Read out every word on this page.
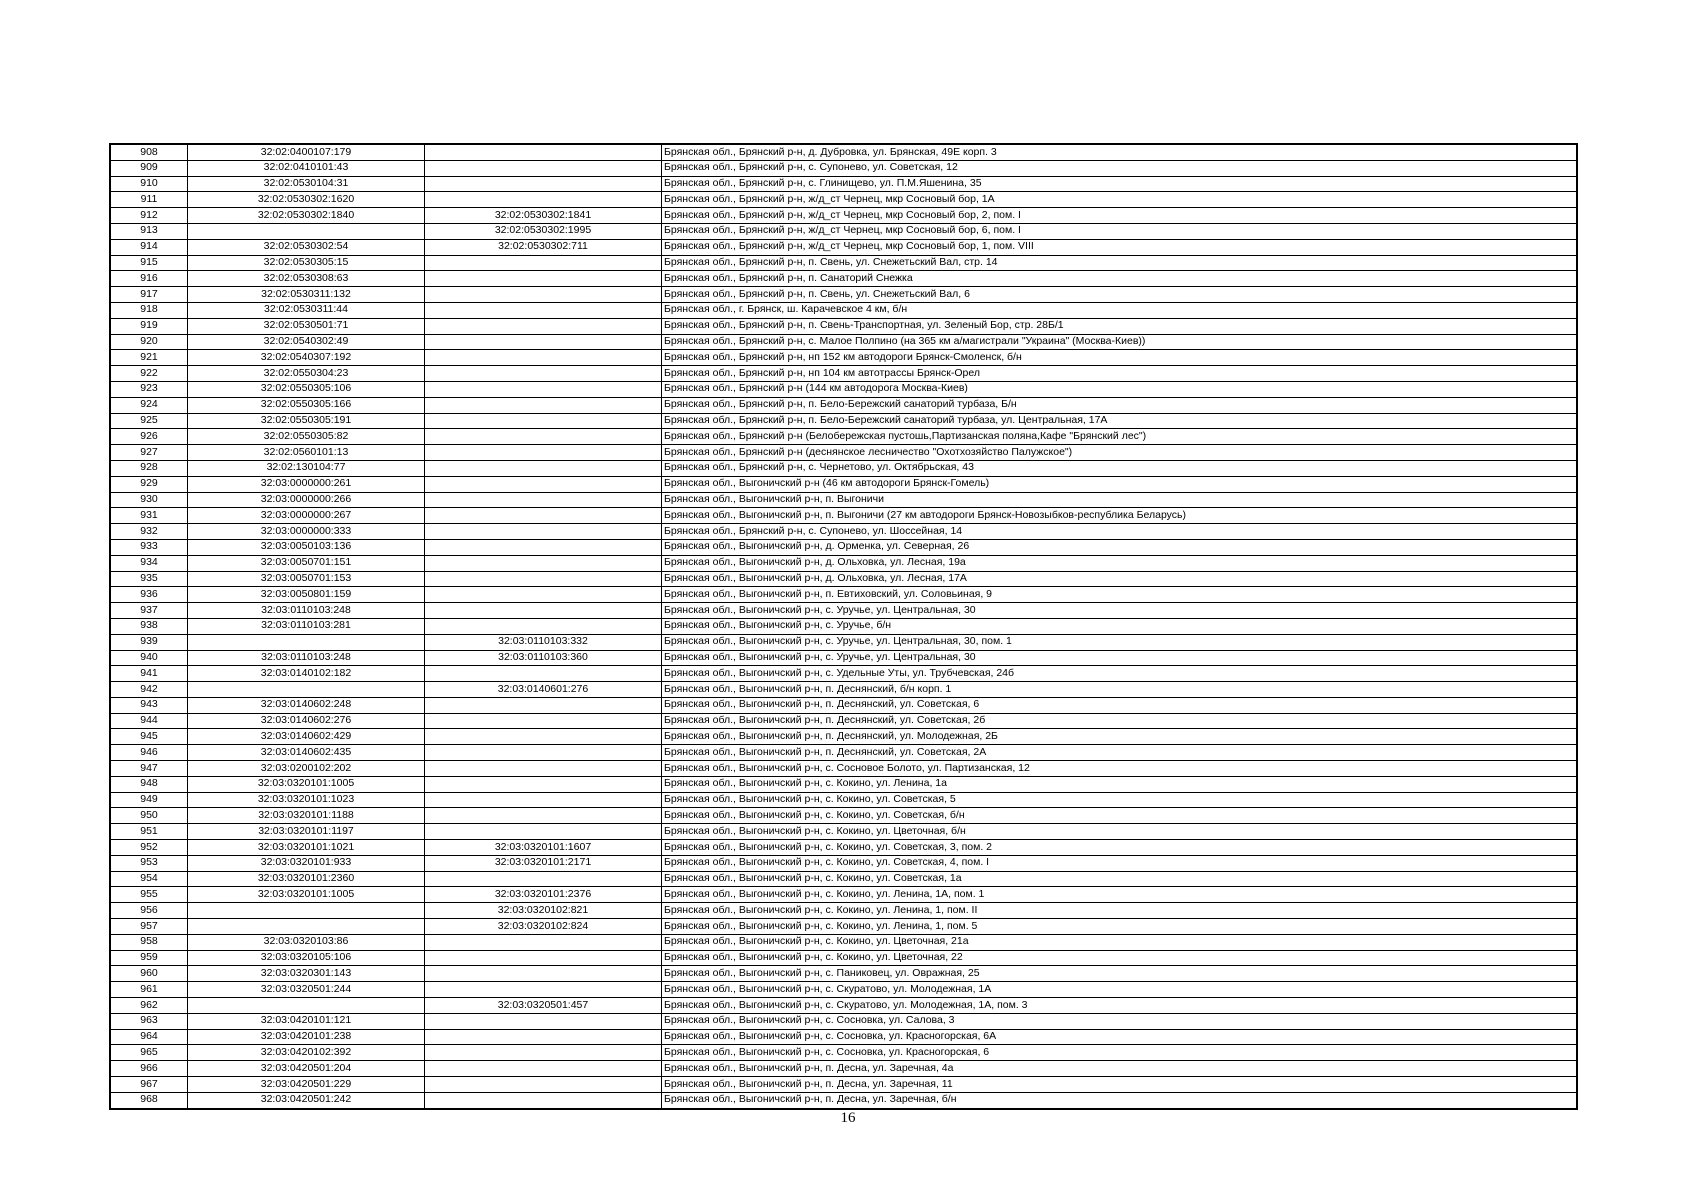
908	32:02:0400107:179		Брянская обл., Брянский р-н, д. Дубровка, ул. Брянская, 49Е корп. 3
909	32:02:0410101:43		Брянская обл., Брянский р-н, с. Супонево, ул. Советская, 12
910	32:02:0530104:31		Брянская обл., Брянский р-н, с. Глинищево, ул. П.М.Яшенина, 35
911	32:02:0530302:1620		Брянская обл., Брянский р-н, ж/д_ст Чернец, мкр Сосновый бор, 1А
912	32:02:0530302:1840	32:02:0530302:1841	Брянская обл., Брянский р-н, ж/д_ст Чернец, мкр Сосновый бор, 2, пом. I
913		32:02:0530302:1995	Брянская обл., Брянский р-н, ж/д_ст Чернец, мкр Сосновый бор, 6, пом. I
914	32:02:0530302:54	32:02:0530302:711	Брянская обл., Брянский р-н, ж/д_ст Чернец, мкр Сосновый бор, 1, пом. VIII
915	32:02:0530305:15		Брянская обл., Брянский р-н, п. Свень, ул. Снежетьский Вал, стр. 14
916	32:02:0530308:63		Брянская обл., Брянский р-н, п. Санаторий Снежка
917	32:02:0530311:132		Брянская обл., Брянский р-н, п. Свень, ул. Снежетьский Вал, 6
918	32:02:0530311:44		Брянская обл., г. Брянск, ш. Карачевское 4 км, б/н
919	32:02:0530501:71		Брянская обл., Брянский р-н, п. Свень-Транспортная, ул. Зеленый Бор, стр. 28Б/1
920	32:02:0540302:49		Брянская обл., Брянский р-н, с. Малое Полпино (на 365 км а/магистрали "Украина" (Москва-Киев))
921	32:02:0540307:192		Брянская обл., Брянский р-н, нп 152 км автодороги Брянск-Смоленск, б/н
922	32:02:0550304:23		Брянская обл., Брянский р-н, нп 104 км автотрассы Брянск-Орел
923	32:02:0550305:106		Брянская обл., Брянский р-н (144 км автодорога Москва-Киев)
924	32:02:0550305:166		Брянская обл., Брянский р-н, п. Бело-Бережский санаторий турбаза, Б/н
925	32:02:0550305:191		Брянская обл., Брянский р-н, п. Бело-Бережский санаторий турбаза, ул. Центральная, 17А
926	32:02:0550305:82		Брянская обл., Брянский р-н (Белобережская пустошь,Партизанская поляна,Кафе "Брянский лес")
927	32:02:0560101:13		Брянская обл., Брянский р-н (деснянское лесничество "Охотхозяйство Палужское")
928	32:02:130104:77		Брянская обл., Брянский р-н, с. Чернетово, ул. Октябрьская, 43
929	32:03:0000000:261		Брянская обл., Выгоничский р-н (46 км автодороги Брянск-Гомель)
930	32:03:0000000:266		Брянская обл., Выгоничский р-н, п. Выгоничи
931	32:03:0000000:267		Брянская обл., Выгоничский р-н, п. Выгоничи (27 км автодороги Брянск-Новозыбков-республика Беларусь)
932	32:03:0000000:333		Брянская обл., Брянский р-н, с. Супонево, ул. Шоссейная, 14
933	32:03:0050103:136		Брянская обл., Выгоничский р-н, д. Орменка, ул. Северная, 26
934	32:03:0050701:151		Брянская обл., Выгоничский р-н, д. Ольховка, ул. Лесная, 19а
935	32:03:0050701:153		Брянская обл., Выгоничский р-н, д. Ольховка, ул. Лесная, 17А
936	32:03:0050801:159		Брянская обл., Выгоничский р-н, п. Евтиховский, ул. Соловьиная, 9
937	32:03:0110103:248		Брянская обл., Выгоничский р-н, с. Уручье, ул. Центральная, 30
938	32:03:0110103:281		Брянская обл., Выгоничский р-н, с. Уручье, б/н
939		32:03:0110103:332	Брянская обл., Выгоничский р-н, с. Уручье, ул. Центральная, 30, пом. 1
940	32:03:0110103:248	32:03:0110103:360	Брянская обл., Выгоничский р-н, с. Уручье, ул. Центральная, 30
941	32:03:0140102:182		Брянская обл., Выгоничский р-н, с. Удельные Уты, ул. Трубчевская, 24б
942		32:03:0140601:276	Брянская обл., Выгоничский р-н, п. Деснянский, б/н корп. 1
943	32:03:0140602:248		Брянская обл., Выгоничский р-н, п. Деснянский, ул. Советская, 6
944	32:03:0140602:276		Брянская обл., Выгоничский р-н, п. Деснянский, ул. Советская, 2б
945	32:03:0140602:429		Брянская обл., Выгоничский р-н, п. Деснянский, ул. Молодежная, 2Б
946	32:03:0140602:435		Брянская обл., Выгоничский р-н, п. Деснянский, ул. Советская, 2А
947	32:03:0200102:202		Брянская обл., Выгоничский р-н, с. Сосновое Болото, ул. Партизанская, 12
948	32:03:0320101:1005		Брянская обл., Выгоничский р-н, с. Кокино, ул. Ленина, 1а
949	32:03:0320101:1023		Брянская обл., Выгоничский р-н, с. Кокино, ул. Советская, 5
950	32:03:0320101:1188		Брянская обл., Выгоничский р-н, с. Кокино, ул. Советская, б/н
951	32:03:0320101:1197		Брянская обл., Выгоничский р-н, с. Кокино, ул. Цветочная, б/н
952	32:03:0320101:1021	32:03:0320101:1607	Брянская обл., Выгоничский р-н, с. Кокино, ул. Советская, 3, пом. 2
953	32:03:0320101:933	32:03:0320101:2171	Брянская обл., Выгоничский р-н, с. Кокино, ул. Советская, 4, пом. I
954	32:03:0320101:2360		Брянская обл., Выгоничский р-н, с. Кокино, ул. Советская, 1а
955	32:03:0320101:1005	32:03:0320101:2376	Брянская обл., Выгоничский р-н, с. Кокино, ул. Ленина, 1А, пом. 1
956		32:03:0320102:821	Брянская обл., Выгоничский р-н, с. Кокино, ул. Ленина, 1, пом. II
957		32:03:0320102:824	Брянская обл., Выгоничский р-н, с. Кокино, ул. Ленина, 1, пом. 5
958	32:03:0320103:86		Брянская обл., Выгоничский р-н, с. Кокино, ул. Цветочная, 21а
959	32:03:0320105:106		Брянская обл., Выгоничский р-н, с. Кокино, ул. Цветочная, 22
960	32:03:0320301:143		Брянская обл., Выгоничский р-н, с. Паниковец, ул. Овражная, 25
961	32:03:0320501:244		Брянская обл., Выгоничский р-н, с. Скуратово, ул. Молодежная, 1А
962		32:03:0320501:457	Брянская обл., Выгоничский р-н, с. Скуратово, ул. Молодежная, 1А, пом. 3
963	32:03:0420101:121		Брянская обл., Выгоничский р-н, с. Сосновка, ул. Салова, 3
964	32:03:0420101:238		Брянская обл., Выгоничский р-н, с. Сосновка, ул. Красногорская, 6А
965	32:03:0420102:392		Брянская обл., Выгоничский р-н, с. Сосновка, ул. Красногорская, 6
966	32:03:0420501:204		Брянская обл., Выгоничский р-н, п. Десна, ул. Заречная, 4а
967	32:03:0420501:229		Брянская обл., Выгоничский р-н, п. Десна, ул. Заречная, 11
968	32:03:0420501:242		Брянская обл., Выгоничский р-н, п. Десна, ул. Заречная, б/н
16
